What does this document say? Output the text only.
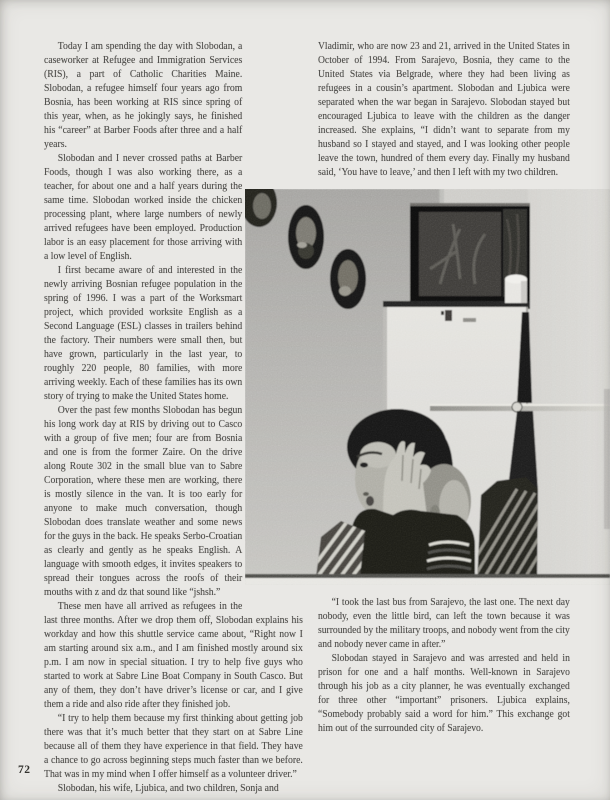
Today I am spending the day with Slobodan, a caseworker at Refugee and Immigration Services (RIS), a part of Catholic Charities Maine. Slobodan, a refugee himself four years ago from Bosnia, has been working at RIS since spring of this year, when, as he jokingly says, he finished his “career” at Barber Foods after three and a half years.

Slobodan and I never crossed paths at Barber Foods, though I was also working there, as a teacher, for about one and a half years during the same time. Slobodan worked inside the chicken processing plant, where large numbers of newly arrived refugees have been employed. Production labor is an easy placement for those arriving with a low level of English.

I first became aware of and interested in the newly arriving Bosnian refugee population in the spring of 1996. I was a part of the Worksmart project, which provided worksite English as a Second Language (ESL) classes in trailers behind the factory. Their numbers were small then, but have grown, particularly in the last year, to roughly 220 people, 80 families, with more arriving weekly. Each of these families has its own story of trying to make the United States home.

Over the past few months Slobodan has begun his long work day at RIS by driving out to Casco with a group of five men; four are from Bosnia and one is from the former Zaire. On the drive along Route 302 in the small blue van to Sabre Corporation, where these men are working, there is mostly silence in the van. It is too early for anyone to make much conversation, though Slobodan does translate weather and some news for the guys in the back. He speaks Serbo-Croatian as clearly and gently as he speaks English. A language with smooth edges, it invites speakers to spread their tongues across the roofs of their mouths with z and dz that sound like “jshsh.”

These men have all arrived as refugees in the last three months. After we drop them off, Slobodan explains his workday and how this shuttle service came about, “Right now I am starting around six a.m., and I am finished mostly around six p.m. I am now in special situation. I try to help five guys who started to work at Sabre Line Boat Company in South Casco. But any of them, they don’t have driver’s license or car, and I give them a ride and also ride after they finished job.

“I try to help them because my first thinking about getting job there was that it’s much better that they start on at Sabre Line because all of them they have experience in that field. They have a chance to go across beginning steps much faster than we before. That was in my mind when I offer himself as a volunteer driver.”

Slobodan, his wife, Ljubica, and two children, Sonja and

Vladimir, who are now 23 and 21, arrived in the United States in October of 1994. From Sarajevo, Bosnia, they came to the United States via Belgrade, where they had been living as refugees in a cousin’s apartment. Slobodan and Ljubica were separated when the war began in Sarajevo. Slobodan stayed but encouraged Ljubica to leave with the children as the danger increased. She explains, “I didn’t want to separate from my husband so I stayed and stayed, and I was looking other people leave the town, hundred of them every day. Finally my husband said, ‘You have to leave,’ and then I left with my two children.

“I took the last bus from Sarajevo, the last one. The next day nobody, even the little bird, can left the town because it was surrounded by the military troops, and nobody went from the city and nobody never came in after.”

Slobodan stayed in Sarajevo and was arrested and held in prison for one and a half months. Well-known in Sarajevo through his job as a city planner, he was eventually exchanged for three other “important” prisoners. Ljubica explains, “Somebody probably said a word for him.” This exchange got him out of the surrounded city of Sarajevo.

72
